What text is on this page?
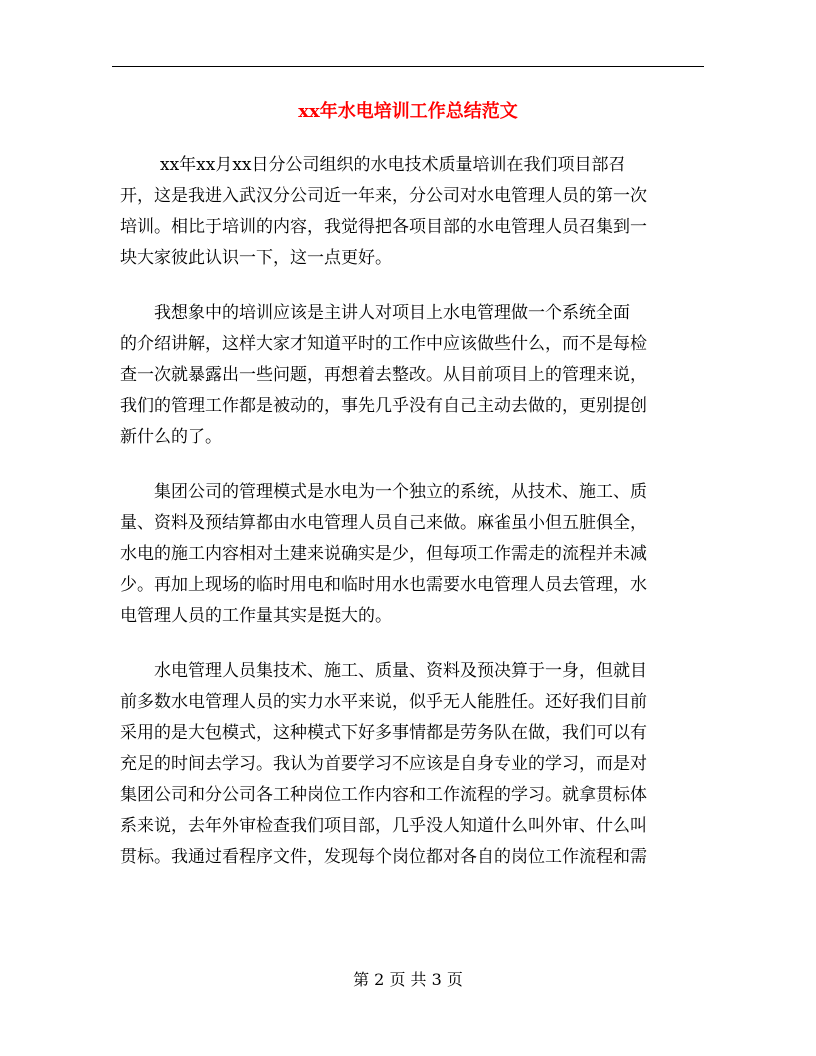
xx年水电培训工作总结范文

xx年xx月xx日分公司组织的水电技术质量培训在我们项目部召
开，这是我进入武汉分公司近一年来，分公司对水电管理人员的第一次
培训。相比于培训的内容，我觉得把各项目部的水电管理人员召集到一
块大家彼此认识一下，这一点更好。

我想象中的培训应该是主讲人对项目上水电管理做一个系统全面
的介绍讲解，这样大家才知道平时的工作中应该做些什么，而不是每检
查一次就暴露出一些问题，再想着去整改。从目前项目上的管理来说，
我们的管理工作都是被动的，事先几乎没有自己主动去做的，更别提创
新什么的了。

集团公司的管理模式是水电为一个独立的系统，从技术、施工、质
量、资料及预结算都由水电管理人员自己来做。麻雀虽小但五脏俱全，
水电的施工内容相对土建来说确实是少，但每项工作需走的流程并未减
少。再加上现场的临时用电和临时用水也需要水电管理人员去管理，水
电管理人员的工作量其实是挺大的。

水电管理人员集技术、施工、质量、资料及预决算于一身，但就目
前多数水电管理人员的实力水平来说，似乎无人能胜任。还好我们目前
采用的是大包模式，这种模式下好多事情都是劳务队在做，我们可以有
充足的时间去学习。我认为首要学习不应该是自身专业的学习，而是对
集团公司和分公司各工种岗位工作内容和工作流程的学习。就拿贯标体
系来说，去年外审检查我们项目部，几乎没人知道什么叫外审、什么叫
贯标。我通过看程序文件，发现每个岗位都对各自的岗位工作流程和需

第 2 页 共 3 页
